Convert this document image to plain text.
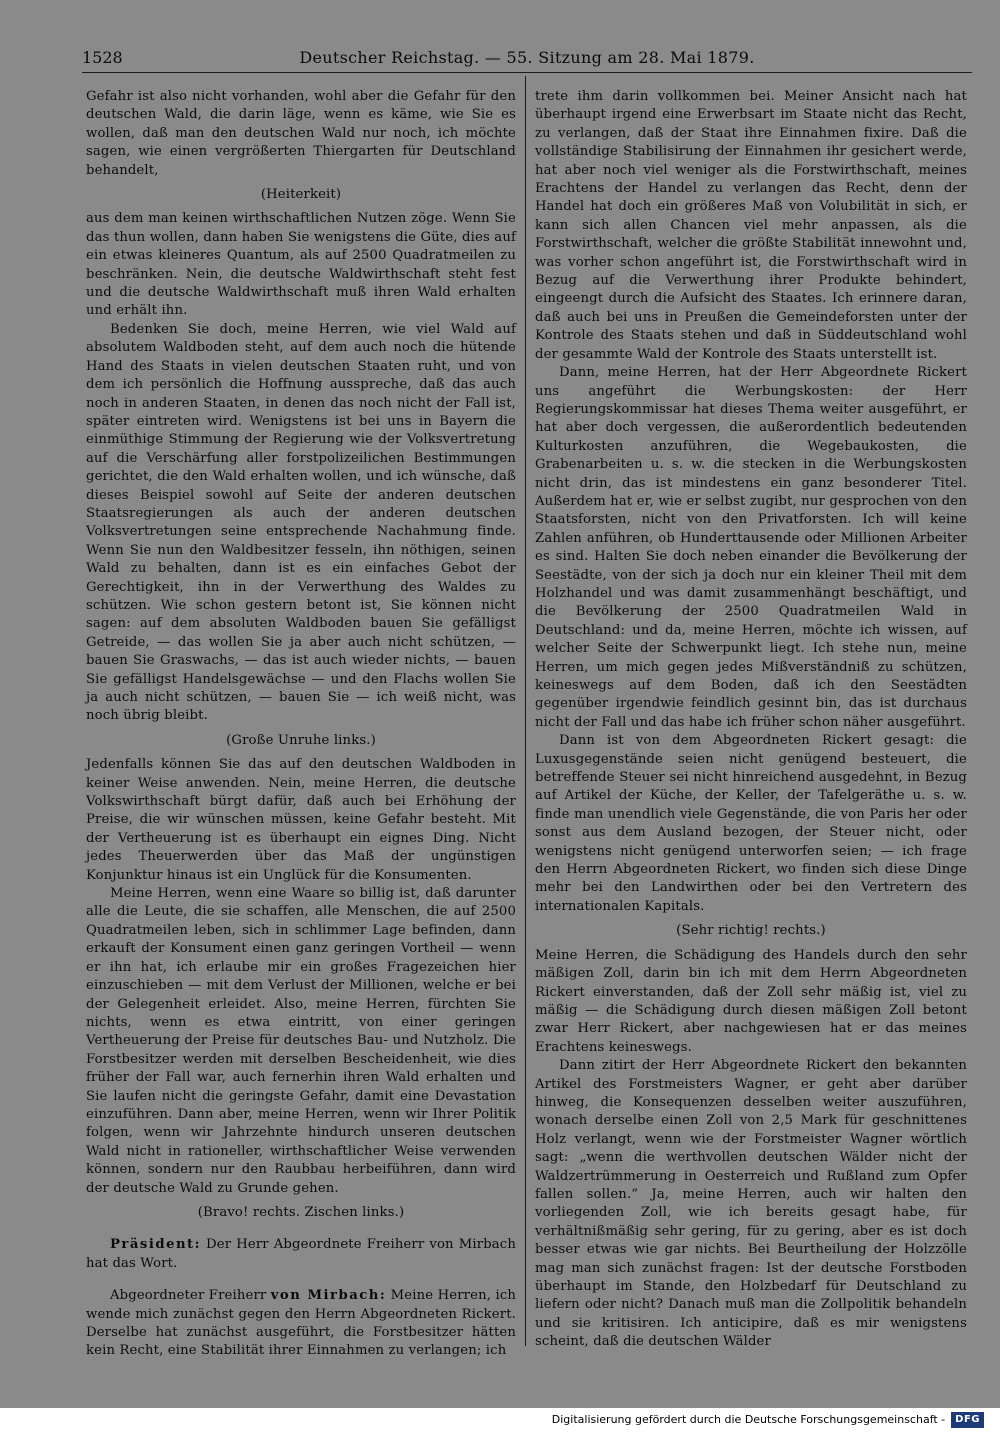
1528	Deutscher Reichstag. — 55. Sitzung am 28. Mai 1879.

Gefahr ist also nicht vorhanden, wohl aber die Gefahr für den deutschen Wald, die darin läge, wenn es käme, wie Sie es wollen, daß man den deutschen Wald nur noch, ich möchte sagen, wie einen vergrößerten Thiergarten für Deutschland behandelt,

(Heiterkeit)

aus dem man keinen wirthschaftlichen Nutzen zöge. Wenn Sie das thun wollen, dann haben Sie wenigstens die Güte, dies auf ein etwas kleineres Quantum, als auf 2500 Quadratmeilen zu beschränken. Nein, die deutsche Waldwirthschaft steht fest und die deutsche Waldwirthschaft muß ihren Wald erhalten und erhält ihn.

Bedenken Sie doch, meine Herren, wie viel Wald auf absolutem Waldboden steht, auf dem auch noch die hütende Hand des Staats in vielen deutschen Staaten ruht, und von dem ich persönlich die Hoffnung ausspreche, daß das auch noch in anderen Staaten, in denen das noch nicht der Fall ist, später eintreten wird. Wenigstens ist bei uns in Bayern die einmüthige Stimmung der Regierung wie der Volksvertretung auf die Verschärfung aller forstpolizeilichen Bestimmungen gerichtet, die den Wald erhalten wollen, und ich wünsche, daß dieses Beispiel sowohl auf Seite der anderen deutschen Staatsregierungen als auch der anderen deutschen Volksvertretungen seine entsprechende Nachahmung finde. Wenn Sie nun den Waldbesitzer fesseln, ihn nöthigen, seinen Wald zu behalten, dann ist es ein einfaches Gebot der Gerechtigkeit, ihn in der Verwerthung des Waldes zu schützen. Wie schon gestern betont ist, Sie können nicht sagen: auf dem absoluten Waldboden bauen Sie gefälligst Getreide, — das wollen Sie ja aber auch nicht schützen, — bauen Sie Graswachs, — das ist auch wieder nichts, — bauen Sie gefälligst Handelsgewächse — und den Flachs wollen Sie ja auch nicht schützen, — bauen Sie — ich weiß nicht, was noch übrig bleibt.

(Große Unruhe links.)

Jedenfalls können Sie das auf den deutschen Waldboden in keiner Weise anwenden. Nein, meine Herren, die deutsche Volkswirthschaft bürgt dafür, daß auch bei Erhöhung der Preise, die wir wünschen müssen, keine Gefahr besteht. Mit der Vertheuerung ist es überhaupt ein eignes Ding. Nicht jedes Theuerwerden über das Maß der ungünstigen Konjunktur hinaus ist ein Unglück für die Konsumenten.

Meine Herren, wenn eine Waare so billig ist, daß darunter alle die Leute, die sie schaffen, alle Menschen, die auf 2500 Quadratmeilen leben, sich in schlimmer Lage befinden, dann erkauft der Konsument einen ganz geringen Vortheil — wenn er ihn hat, ich erlaube mir ein großes Fragezeichen hier einzuschieben — mit dem Verlust der Millionen, welche er bei der Gelegenheit erleidet. Also, meine Herren, fürchten Sie nichts, wenn es etwa eintritt, von einer geringen Vertheuerung der Preise für deutsches Bau- und Nutzholz. Die Forstbesitzer werden mit derselben Bescheidenheit, wie dies früher der Fall war, auch fernerhin ihren Wald erhalten und Sie laufen nicht die geringste Gefahr, damit eine Devastation einzuführen. Dann aber, meine Herren, wenn wir Ihrer Politik folgen, wenn wir Jahrzehnte hindurch unseren deutschen Wald nicht in rationeller, wirthschaftlicher Weise verwenden können, sondern nur den Raubbau herbeiführen, dann wird der deutsche Wald zu Grunde gehen.

(Bravo! rechts. Zischen links.)

Präsident: Der Herr Abgeordnete Freiherr von Mirbach hat das Wort.

Abgeordneter Freiherr von Mirbach: Meine Herren, ich wende mich zunächst gegen den Herrn Abgeordneten Rickert. Derselbe hat zunächst ausgeführt, die Forstbesitzer hätten kein Recht, eine Stabilität ihrer Einnahmen zu verlangen; ich

trete ihm darin vollkommen bei. Meiner Ansicht nach hat überhaupt irgend eine Erwerbsart im Staate nicht das Recht, zu verlangen, daß der Staat ihre Einnahmen fixire. Daß die vollständige Stabilisirung der Einnahmen ihr gesichert werde, hat aber noch viel weniger als die Forstwirthschaft, meines Erachtens der Handel zu verlangen das Recht, denn der Handel hat doch ein größeres Maß von Volubilität in sich, er kann sich allen Chancen viel mehr anpassen, als die Forstwirthschaft, welcher die größte Stabilität innewohnt und, was vorher schon angeführt ist, die Forstwirthschaft wird in Bezug auf die Verwerthung ihrer Produkte behindert, eingeengt durch die Aufsicht des Staates. Ich erinnere daran, daß auch bei uns in Preußen die Gemeindeforsten unter der Kontrole des Staats stehen und daß in Süddeutschland wohl der gesammte Wald der Kontrole des Staats unterstellt ist.

Dann, meine Herren, hat der Herr Abgeordnete Rickert uns angeführt die Werbungskosten: der Herr Regierungskommissar hat dieses Thema weiter ausgeführt, er hat aber doch vergessen, die außerordentlich bedeutenden Kulturkosten anzuführen, die Wegebaukosten, die Grabenarbeiten u. s. w. die stecken in die Werbungskosten nicht drin, das ist mindestens ein ganz besonderer Titel. Außerdem hat er, wie er selbst zugibt, nur gesprochen von den Staatsforsten, nicht von den Privatforsten. Ich will keine Zahlen anführen, ob Hunderttausende oder Millionen Arbeiter es sind. Halten Sie doch neben einander die Bevölkerung der Seestädte, von der sich ja doch nur ein kleiner Theil mit dem Holzhandel und was damit zusammenhängt beschäftigt, und die Bevölkerung der 2500 Quadratmeilen Wald in Deutschland: und da, meine Herren, möchte ich wissen, auf welcher Seite der Schwerpunkt liegt. Ich stehe nun, meine Herren, um mich gegen jedes Mißverständniß zu schützen, keineswegs auf dem Boden, daß ich den Seestädten gegenüber irgendwie feindlich gesinnt bin, das ist durchaus nicht der Fall und das habe ich früher schon näher ausgeführt.

Dann ist von dem Abgeordneten Rickert gesagt: die Luxusgegenstände seien nicht genügend besteuert, die betreffende Steuer sei nicht hinreichend ausgedehnt, in Bezug auf Artikel der Küche, der Keller, der Tafelgeräthe u. s. w. finde man unendlich viele Gegenstände, die von Paris her oder sonst aus dem Ausland bezogen, der Steuer nicht, oder wenigstens nicht genügend unterworfen seien; — ich frage den Herrn Abgeordneten Rickert, wo finden sich diese Dinge mehr bei den Landwirthen oder bei den Vertretern des internationalen Kapitals.

(Sehr richtig! rechts.)

Meine Herren, die Schädigung des Handels durch den sehr mäßigen Zoll, darin bin ich mit dem Herrn Abgeordneten Rickert einverstanden, daß der Zoll sehr mäßig ist, viel zu mäßig — die Schädigung durch diesen mäßigen Zoll betont zwar Herr Rickert, aber nachgewiesen hat er das meines Erachtens keineswegs.

Dann zitirt der Herr Abgeordnete Rickert den bekannten Artikel des Forstmeisters Wagner, er geht aber darüber hinweg, die Konsequenzen desselben weiter auszuführen, wonach derselbe einen Zoll von 2,5 Mark für geschnittenes Holz verlangt, wenn wie der Forstmeister Wagner wörtlich sagt: „wenn die werthvollen deutschen Wälder nicht der Waldzertrümmerung in Oesterreich und Rußland zum Opfer fallen sollen.“ Ja, meine Herren, auch wir halten den vorliegenden Zoll, wie ich bereits gesagt habe, für verhältnißmäßig sehr gering, für zu gering, aber es ist doch besser etwas wie gar nichts. Bei Beurtheilung der Holzzölle mag man sich zunächst fragen: Ist der deutsche Forstboden überhaupt im Stande, den Holzbedarf für Deutschland zu liefern oder nicht? Danach muß man die Zollpolitik behandeln und sie kritisiren. Ich anticipire, daß es mir wenigstens scheint, daß die deutschen Wälder

Digitalisierung gefördert durch die Deutsche Forschungsgemeinschaft -	DFG
